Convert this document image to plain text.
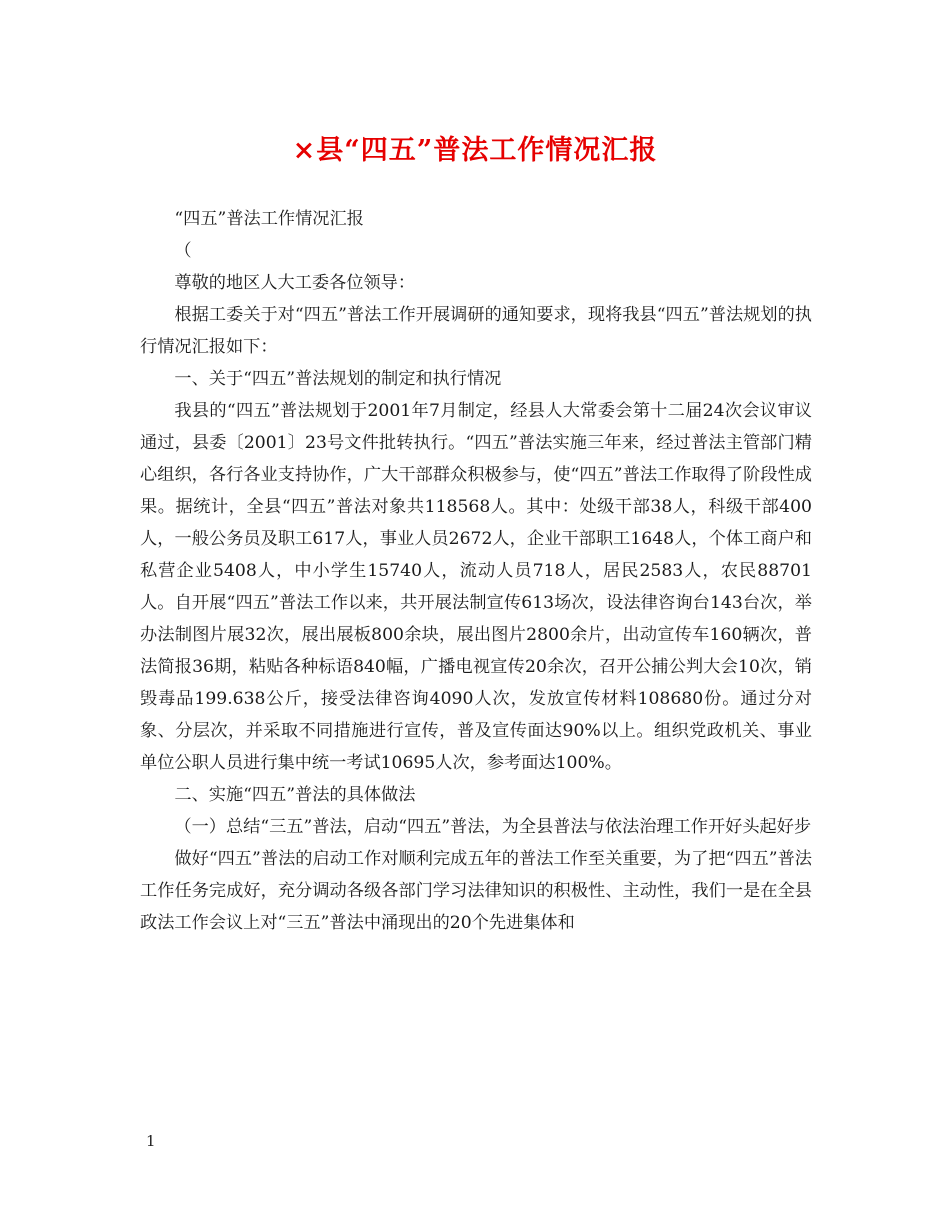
×县“四五”普法工作情况汇报

“四五”普法工作情况汇报

（

尊敬的地区人大工委各位领导：

根据工委关于对“四五”普法工作开展调研的通知要求，现将我县“四五”普法规划的执行情况汇报如下：

一、关于“四五”普法规划的制定和执行情况

我县的“四五”普法规划于2001年7月制定，经县人大常委会第十二届24次会议审议通过，县委〔2001〕23号文件批转执行。“四五”普法实施三年来，经过普法主管部门精心组织，各行各业支持协作，广大干部群众积极参与，使“四五”普法工作取得了阶段性成果。据统计，全县“四五”普法对象共118568人。其中：处级干部38人，科级干部400人，一般公务员及职工617人，事业人员2672人，企业干部职工1648人，个体工商户和私营企业5408人，中小学生15740人，流动人员718人，居民2583人，农民88701人。自开展“四五”普法工作以来，共开展法制宣传613场次，设法律咨询台143台次，举办法制图片展32次，展出展板800余块，展出图片2800余片，出动宣传车160辆次，普法简报36期，粘贴各种标语840幅，广播电视宣传20余次，召开公捕公判大会10次，销毁毒品199.638公斤，接受法律咨询4090人次，发放宣传材料108680份。通过分对象、分层次，并采取不同措施进行宣传，普及宣传面达90%以上。组织党政机关、事业单位公职人员进行集中统一考试10695人次，参考面达100%。

二、实施“四五”普法的具体做法

（一）总结“三五”普法，启动“四五”普法，为全县普法与依法治理工作开好头起好步

做好“四五”普法的启动工作对顺利完成五年的普法工作至关重要，为了把“四五”普法工作任务完成好，充分调动各级各部门学习法律知识的积极性、主动性，我们一是在全县政法工作会议上对“三五”普法中涌现出的20个先进集体和

1
